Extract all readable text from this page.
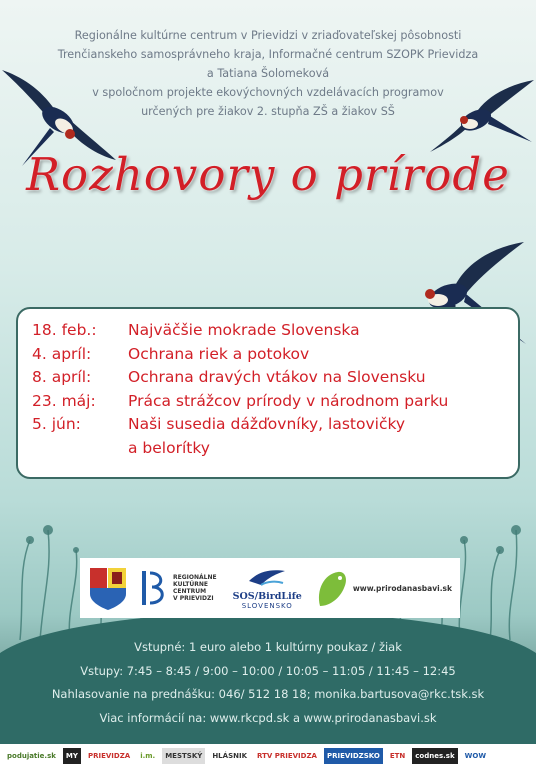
Regionálne kultúrne centrum v Prievidzi v zriaďovateľskej pôsobnosti
Trenčianskeho samosprávneho kraja, Informačné centrum SZOPK Prievidza
a Tatiana Šolomeková
v spoločnom projekte ekovýchovných vzdelávacích programov
určených pre žiakov 2. stupňa ZŠ a žiakov SŠ
Rozhovory o prírode
18. feb.:	Najväčšie mokrade Slovenska
4. apríl:	Ochrana riek a potokov
8. apríl:	Ochrana dravých vtákov na Slovensku
23. máj:	Práca strážcov prírody v národnom parku
5. jún:	Naši susedia dážďovníky, lastovičky
a belorítky
REGIONÁLNE
KULTÚRNE
CENTRUM
V PRIEVIDZI	SOS/BirdLife
SLOVENSKO
www.prirodanasbavi.sk
Vstupné: 1 euro alebo 1 kultúrny poukaz / žiak
Vstupy: 7:45 – 8:45 / 9:00 – 10:00 / 10:05 – 11:05 / 11:45 – 12:45
Nahlasovanie na prednášku: 046/ 512 18 18; monika.bartusova@rkc.tsk.sk
Viac informácií na: www.rkcpd.sk a www.prirodanasbavi.sk
podujatie.sk	MY	PRIEVIDZA	i.m.	MESTSKÝ	HLÁSNIK	RTV PRIEVIDZA	PRIEVIDZSKO	ETN	codnes.sk	WOW
